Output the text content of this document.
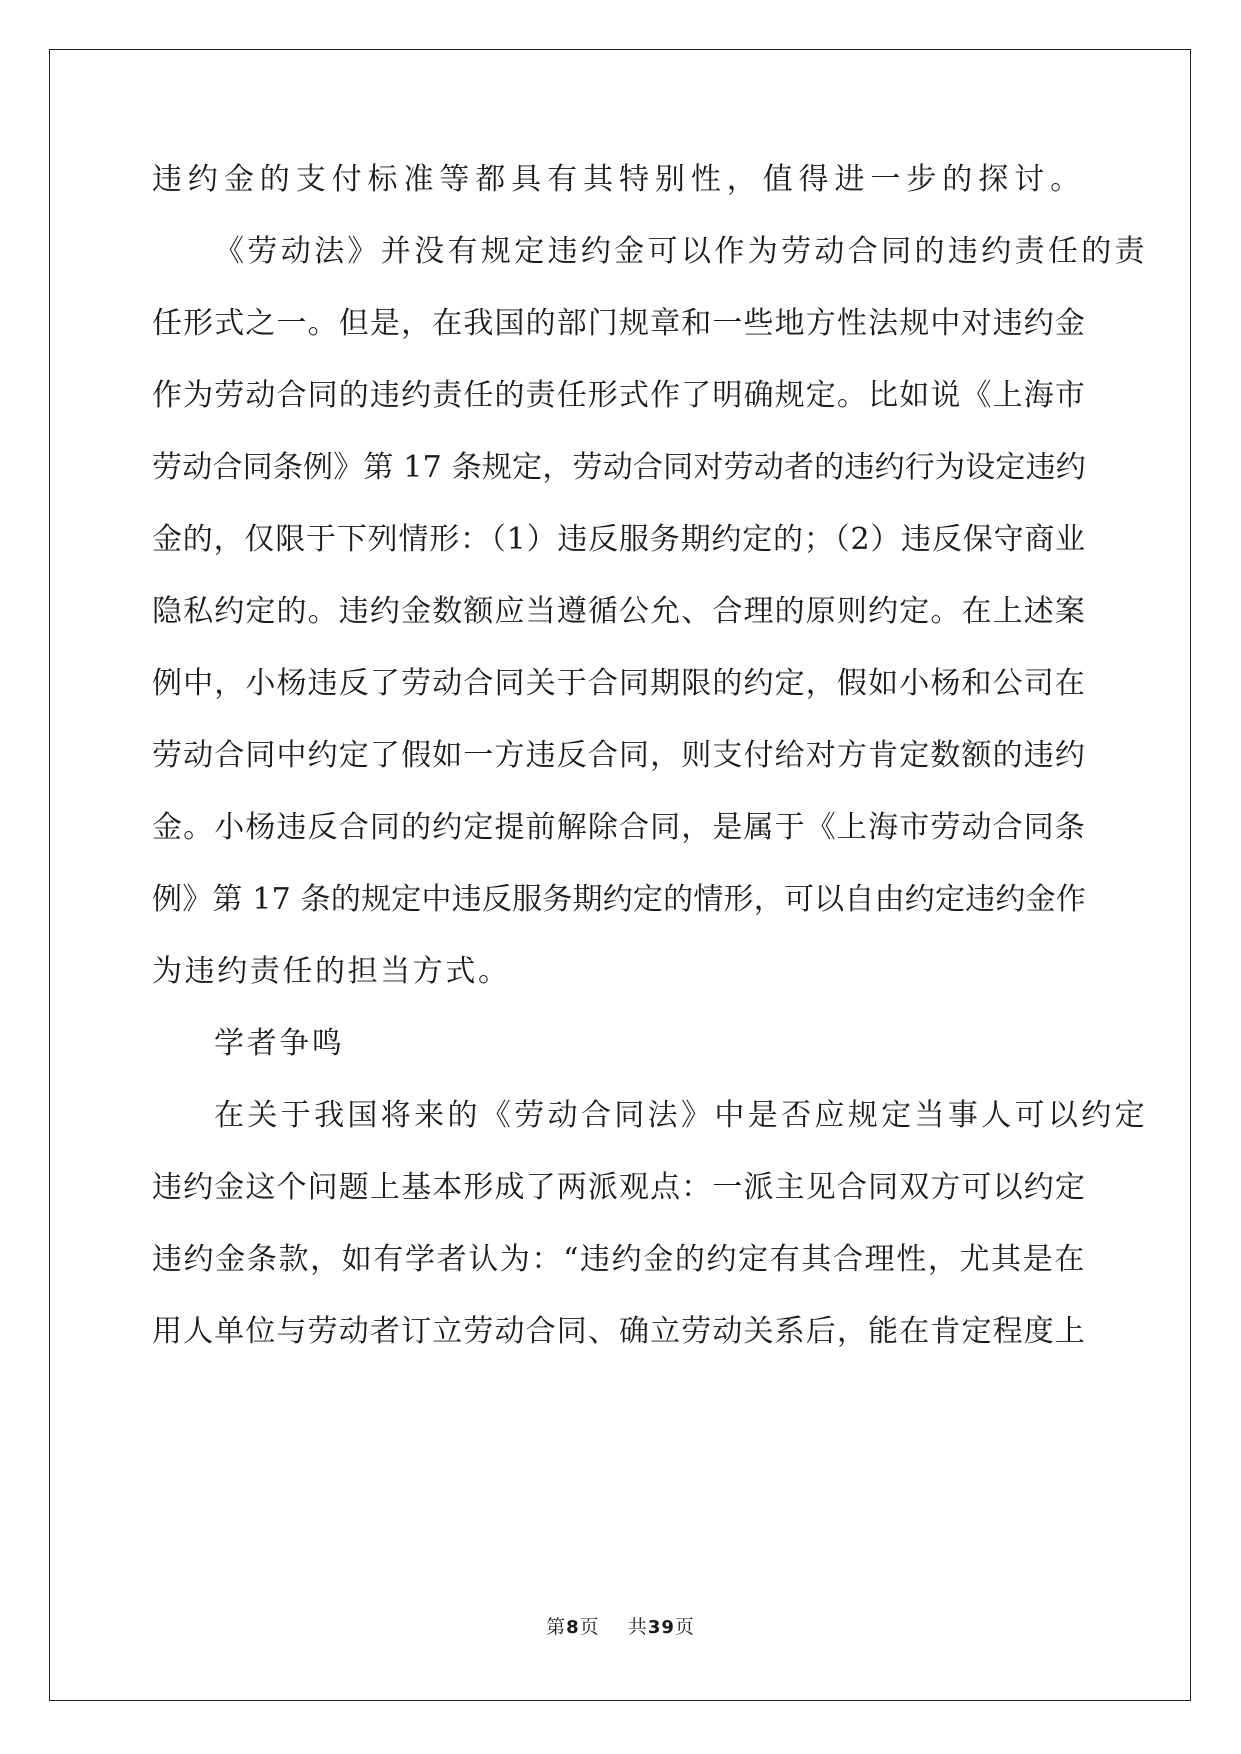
违约金的支付标准等都具有其特别性，值得进一步的探讨。
《劳动法》并没有规定违约金可以作为劳动合同的违约责任的责
任形式之一。但是，在我国的部门规章和一些地方性法规中对违约金
作为劳动合同的违约责任的责任形式作了明确规定。比如说《上海市
劳动合同条例》第 17 条规定，劳动合同对劳动者的违约行为设定违约
金的，仅限于下列情形：（1）违反服务期约定的；（2）违反保守商业
隐私约定的。违约金数额应当遵循公允、合理的原则约定。在上述案
例中，小杨违反了劳动合同关于合同期限的约定，假如小杨和公司在
劳动合同中约定了假如一方违反合同，则支付给对方肯定数额的违约
金。小杨违反合同的约定提前解除合同，是属于《上海市劳动合同条
例》第 17 条的规定中违反服务期约定的情形，可以自由约定违约金作
为违约责任的担当方式。
学者争鸣
在关于我国将来的《劳动合同法》中是否应规定当事人可以约定
违约金这个问题上基本形成了两派观点：一派主见合同双方可以约定
违约金条款，如有学者认为：“违约金的约定有其合理性，尤其是在
用人单位与劳动者订立劳动合同、确立劳动关系后，能在肯定程度上
第8页    共39页
